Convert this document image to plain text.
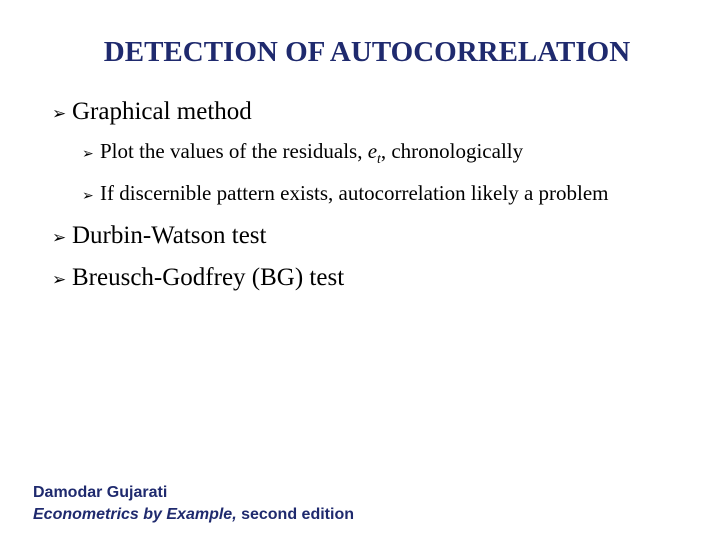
DETECTION OF AUTOCORRELATION
➢ Graphical method
➢ Plot the values of the residuals, $e_t$, chronologically
➢ If discernible pattern exists, autocorrelation likely a problem
➢ Durbin-Watson test
➢ Breusch-Godfrey (BG) test
Damodar Gujarati
Econometrics by Example, second edition
